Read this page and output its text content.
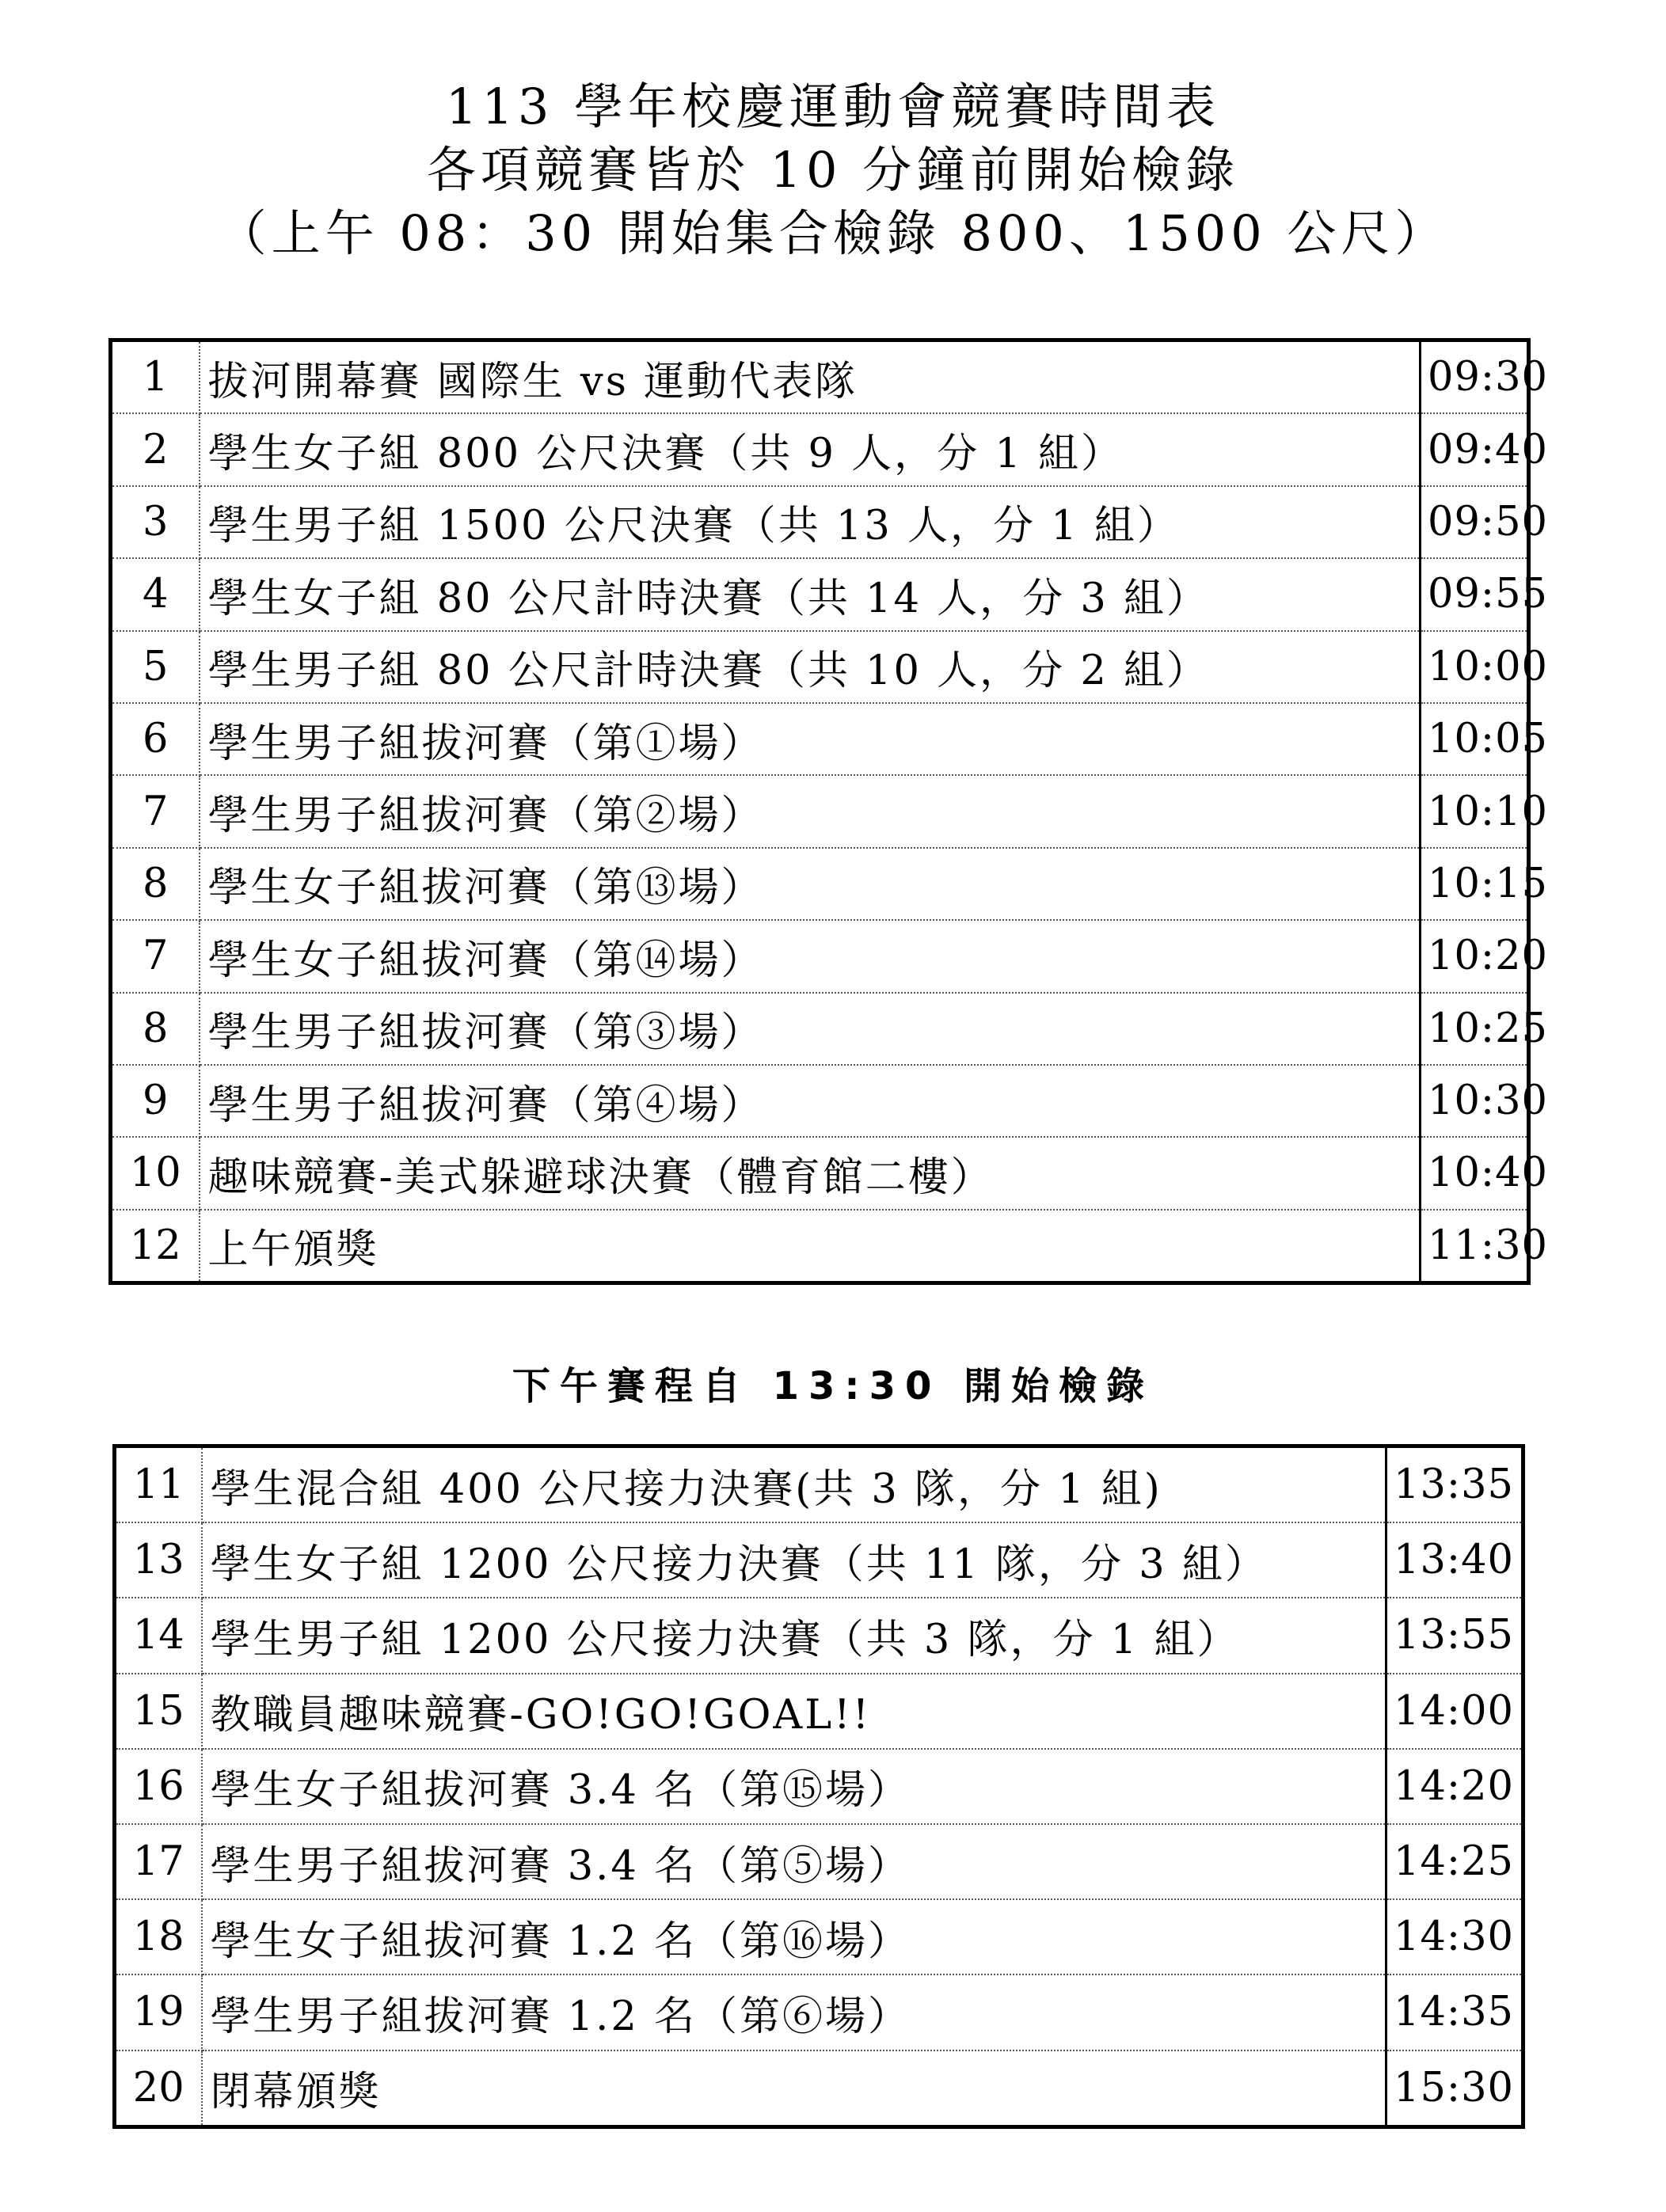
113 學年校慶運動會競賽時間表
各項競賽皆於 10 分鐘前開始檢錄
（上午 08：30 開始集合檢錄 800、1500 公尺）
1	拔河開幕賽 國際生 vs 運動代表隊	09:30
2	學生女子組 800 公尺決賽（共 9 人，分 1 組）	09:40
3	學生男子組 1500 公尺決賽（共 13 人，分 1 組）	09:50
4	學生女子組 80 公尺計時決賽（共 14 人，分 3 組）	09:55
5	學生男子組 80 公尺計時決賽（共 10 人，分 2 組）	10:00
6	學生男子組拔河賽（第①場）	10:05
7	學生男子組拔河賽（第②場）	10:10
8	學生女子組拔河賽（第⑬場）	10:15
7	學生女子組拔河賽（第⑭場）	10:20
8	學生男子組拔河賽（第③場）	10:25
9	學生男子組拔河賽（第④場）	10:30
10	趣味競賽-美式躲避球決賽（體育館二樓）	10:40
12	上午頒獎	11:30
下午賽程自 13:30 開始檢錄
11	學生混合組 400 公尺接力決賽(共 3 隊，分 1 組)	13:35
13	學生女子組 1200 公尺接力決賽（共 11 隊，分 3 組）	13:40
14	學生男子組 1200 公尺接力決賽（共 3 隊，分 1 組）	13:55
15	教職員趣味競賽-GO!GO!GOAL!!	14:00
16	學生女子組拔河賽 3.4 名（第⑮場）	14:20
17	學生男子組拔河賽 3.4 名（第⑤場）	14:25
18	學生女子組拔河賽 1.2 名（第⑯場）	14:30
19	學生男子組拔河賽 1.2 名（第⑥場）	14:35
20	閉幕頒獎	15:30
